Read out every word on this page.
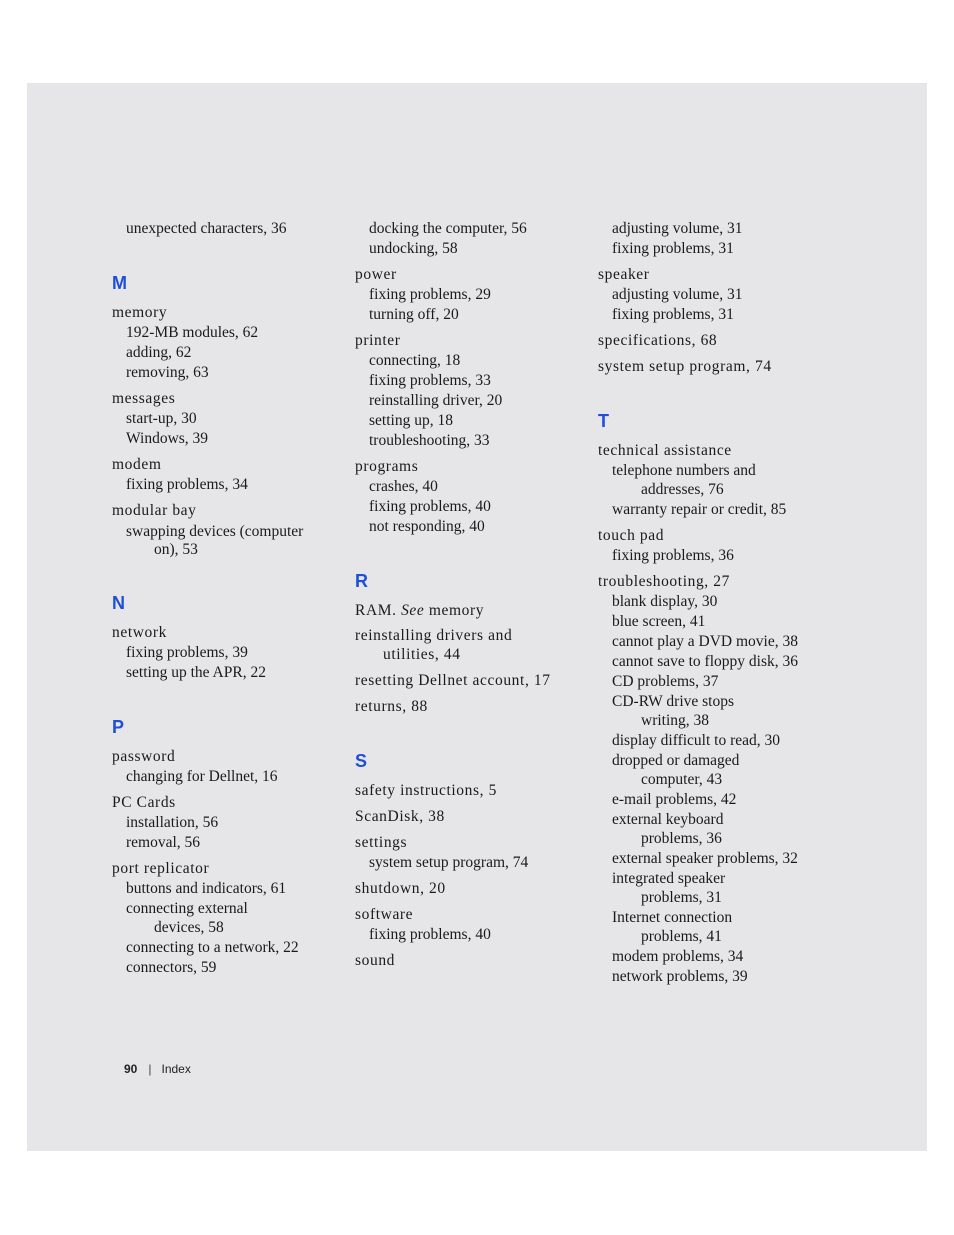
unexpected characters, 36
M
memory
192-MB modules, 62
adding, 62
removing, 63
messages
start-up, 30
Windows, 39
modem
fixing problems, 34
modular bay
swapping devices (computer
on), 53
N
network
fixing problems, 39
setting up the APR, 22
P
password
changing for Dellnet, 16
PC Cards
installation, 56
removal, 56
port replicator
buttons and indicators, 61
connecting external
devices, 58
connecting to a network, 22
connectors, 59
docking the computer, 56
undocking, 58
power
fixing problems, 29
turning off, 20
printer
connecting, 18
fixing problems, 33
reinstalling driver, 20
setting up, 18
troubleshooting, 33
programs
crashes, 40
fixing problems, 40
not responding, 40
R
RAM. See memory
reinstalling drivers and
utilities, 44
resetting Dellnet account, 17
returns, 88
S
safety instructions, 5
ScanDisk, 38
settings
system setup program, 74
shutdown, 20
software
fixing problems, 40
sound
adjusting volume, 31
fixing problems, 31
speaker
adjusting volume, 31
fixing problems, 31
specifications, 68
system setup program, 74
T
technical assistance
telephone numbers and
addresses, 76
warranty repair or credit, 85
touch pad
fixing problems, 36
troubleshooting, 27
blank display, 30
blue screen, 41
cannot play a DVD movie, 38
cannot save to floppy disk, 36
CD problems, 37
CD-RW drive stops
writing, 38
display difficult to read, 30
dropped or damaged
computer, 43
e-mail problems, 42
external keyboard
problems, 36
external speaker problems, 32
integrated speaker
problems, 31
Internet connection
problems, 41
modem problems, 34
network problems, 39
90 | Index
